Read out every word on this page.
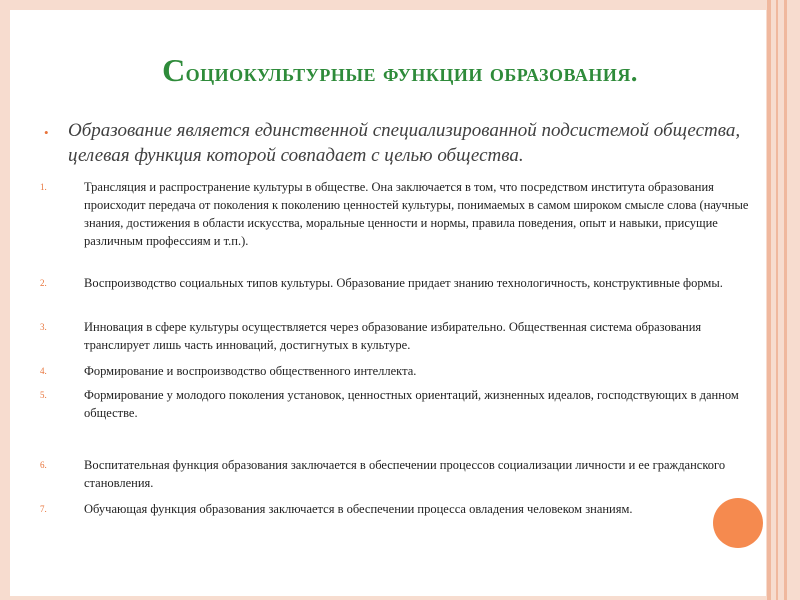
Социокультурные функции образования.
• Образование является единственной специализированной подсистемой общества, целевая функция которой совпадает с целью общества.
1.	Трансляция и распространение культуры в обществе. Она заключается в том, что посредством института образования происходит передача от поколения к поколению ценностей культуры, понимаемых в самом широком смысле слова (научные знания, достижения в области искусства, моральные ценности и нормы, правила поведения, опыт и навыки, присущие различным профессиям и т.п.).
2.	Воспроизводство социальных типов культуры. Образование придает знанию технологичность, конструктивные формы.
3.	Инновация в сфере культуры осуществляется через образование избирательно. Общественная система образования транслирует лишь часть инноваций, достигнутых в культуре.
4.	Формирование и воспроизводство общественного интеллекта.
5.	Формирование у молодого поколения установок, ценностных ориентаций, жизненных идеалов, господствующих в данном обществе.
6.	Воспитательная функция образования заключается в обеспечении процессов социализации личности и ее гражданского становления.
7.	Обучающая функция образования заключается в обеспечении процесса овладения человеком знаниям.
